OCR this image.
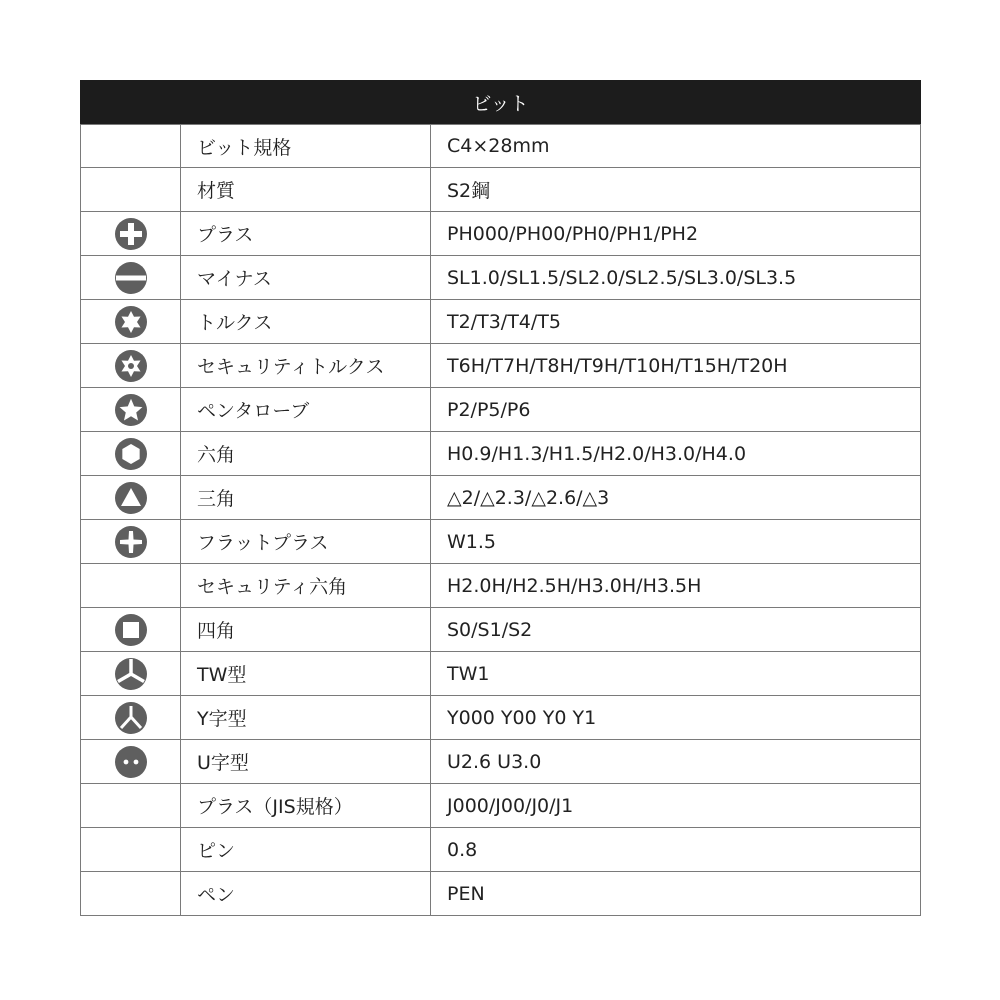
ビット
ビット規格	C4×28mm
材質	S2鋼
プラス	PH000/PH00/PH0/PH1/PH2
マイナス	SL1.0/SL1.5/SL2.0/SL2.5/SL3.0/SL3.5
トルクス	T2/T3/T4/T5
セキュリティトルクス	T6H/T7H/T8H/T9H/T10H/T15H/T20H
ペンタローブ	P2/P5/P6
六角	H0.9/H1.3/H1.5/H2.0/H3.0/H4.0
三角	△2/△2.3/△2.6/△3
フラットプラス	W1.5
セキュリティ六角	H2.0H/H2.5H/H3.0H/H3.5H
四角	S0/S1/S2
TW型	TW1
Y字型	Y000 Y00 Y0 Y1
U字型	U2.6 U3.0
プラス（JIS規格）	J000/J00/J0/J1
ピン	0.8
ペン	PEN
